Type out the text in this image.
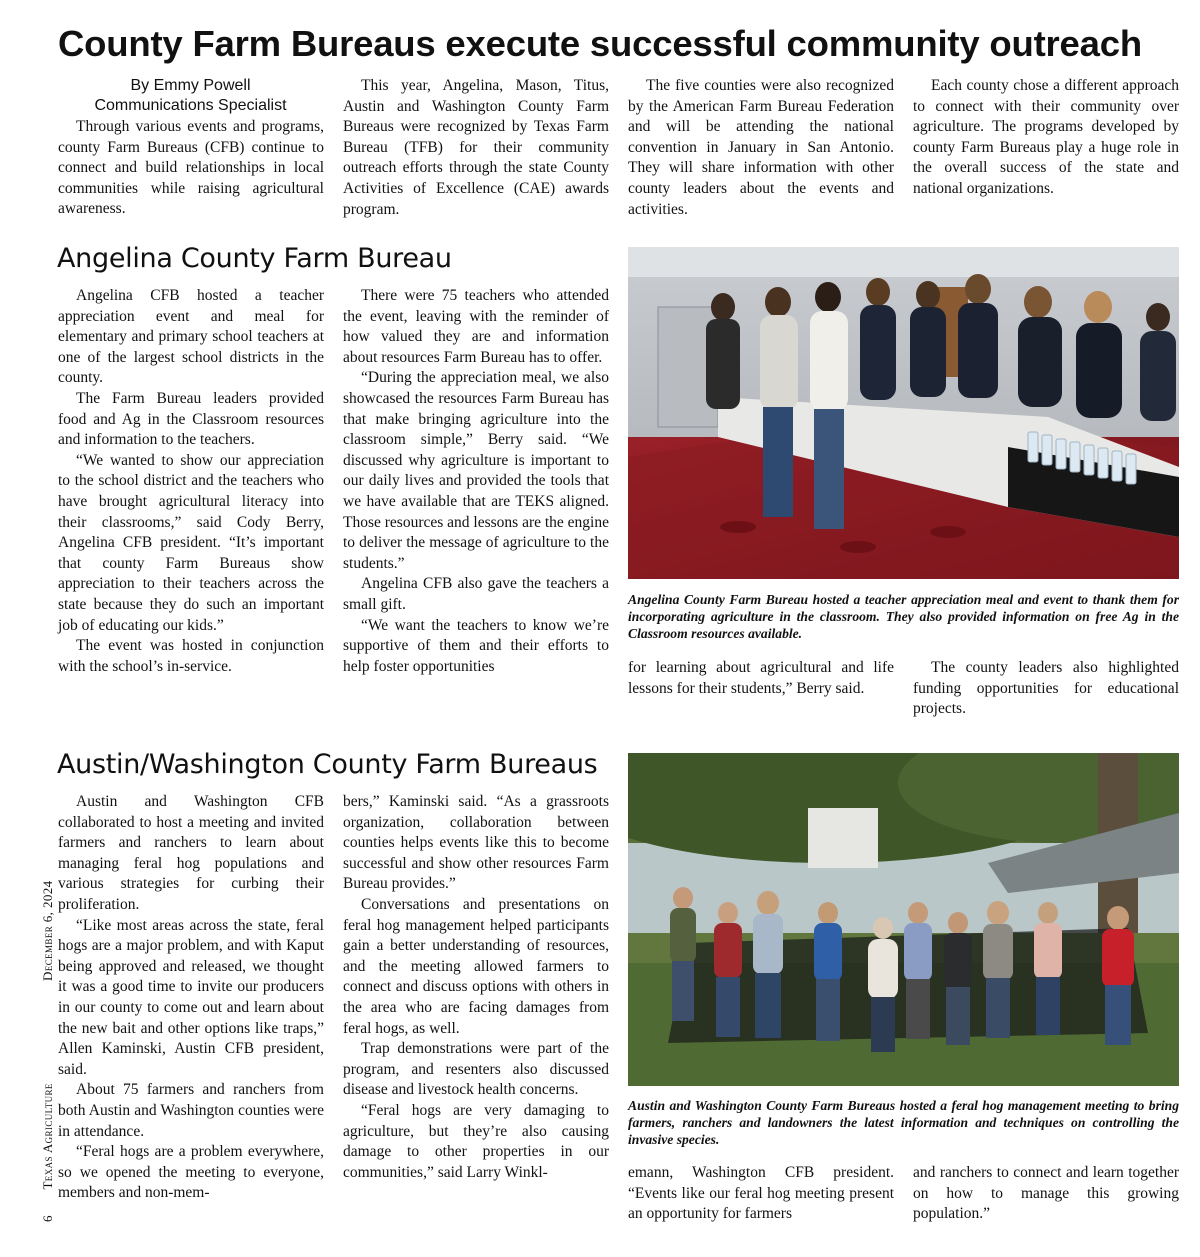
County Farm Bureaus execute successful community outreach
By Emmy Powell
Communications Specialist

Through various events and programs, county Farm Bureaus (CFB) continue to connect and build relationships in local communities while raising agricultural awareness.

This year, Angelina, Mason, Titus, Austin and Washington County Farm Bureaus were recognized by Texas Farm Bureau (TFB) for their community outreach efforts through the state County Activities of Excellence (CAE) awards program.

The five counties were also recognized by the American Farm Bureau Federation and will be attending the national convention in January in San Antonio. They will share information with other county leaders about the events and activities.

Each county chose a different approach to connect with their community over agriculture. The programs developed by county Farm Bureaus play a huge role in the overall success of the state and national organizations.

Angelina County Farm Bureau

Angelina CFB hosted a teacher appreciation event and meal for elementary and primary school teachers at one of the largest school districts in the county.

The Farm Bureau leaders provided food and Ag in the Classroom resources and information to the teachers.

“We wanted to show our appreciation to the school district and the teachers who have brought agricultural literacy into their classrooms,” said Cody Berry, Angelina CFB president. “It’s important that county Farm Bureaus show appreciation to their teachers across the state because they do such an important job of educating our kids.”

The event was hosted in conjunction with the school’s in-service.

There were 75 teachers who attended the event, leaving with the reminder of how valued they are and information about resources Farm Bureau has to offer.

“During the appreciation meal, we also showcased the resources Farm Bureau has that make bringing agriculture into the classroom simple,” Berry said. “We discussed why agriculture is important to our daily lives and provided the tools that we have available that are TEKS aligned. Those resources and lessons are the engine to deliver the message of agriculture to the students.”

Angelina CFB also gave the teachers a small gift.

“We want the teachers to know we’re supportive of them and their efforts to help foster opportunities

Angelina County Farm Bureau hosted a teacher appreciation meal and event to thank them for incorporating agriculture in the classroom. They also provided information on free Ag in the Classroom resources available.

for learning about agricultural and life lessons for their students,” Berry said.

The county leaders also highlighted funding opportunities for educational projects.

Austin/Washington County Farm Bureaus

Austin and Washington CFB collaborated to host a meeting and invited farmers and ranchers to learn about managing feral hog populations and various strategies for curbing their proliferation.

“Like most areas across the state, feral hogs are a major problem, and with Kaput being approved and released, we thought it was a good time to invite our producers in our county to come out and learn about the new bait and other options like traps,” Allen Kaminski, Austin CFB president, said.

About 75 farmers and ranchers from both Austin and Washington counties were in attendance.

“Feral hogs are a problem everywhere, so we opened the meeting to everyone, members and non-mem-

bers,” Kaminski said. “As a grassroots organization, collaboration between counties helps events like this to become successful and show other resources Farm Bureau provides.”

Conversations and presentations on feral hog management helped participants gain a better understanding of resources, and the meeting allowed farmers to connect and discuss options with others in the area who are facing damages from feral hogs, as well.

Trap demonstrations were part of the program, and resenters also discussed disease and livestock health concerns.

“Feral hogs are very damaging to agriculture, but they’re also causing damage to other properties in our communities,” said Larry Winkl-

Austin and Washington County Farm Bureaus hosted a feral hog management meeting to bring farmers, ranchers and landowners the latest information and techniques on controlling the invasive species.

emann, Washington CFB president. “Events like our feral hog meeting present an opportunity for farmers

and ranchers to connect and learn together on how to manage this growing population.”

6       Texas Agriculture                            December 6, 2024
